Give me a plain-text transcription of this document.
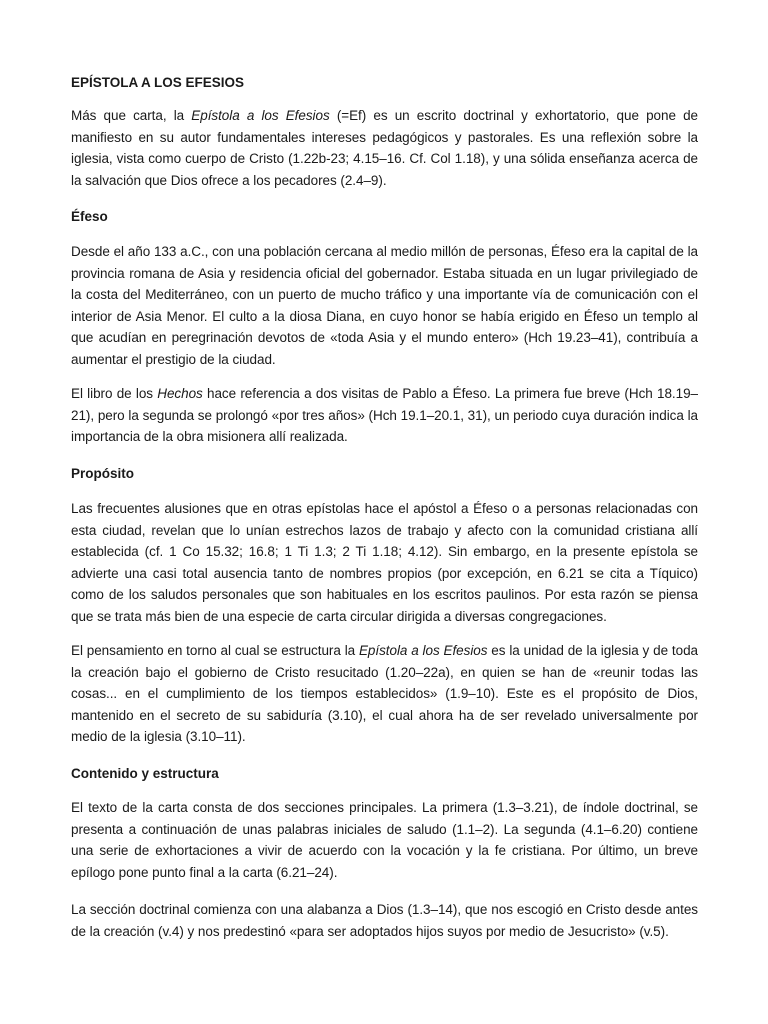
EPÍSTOLA A LOS EFESIOS

Más que carta, la Epístola a los Efesios (=Ef) es un escrito doctrinal y exhortatorio, que pone de manifiesto en su autor fundamentales intereses pedagógicos y pastorales. Es una reflexión sobre la iglesia, vista como cuerpo de Cristo (1.22b-23; 4.15–16. Cf. Col 1.18), y una sólida enseñanza acerca de la salvación que Dios ofrece a los pecadores (2.4–9).

Éfeso

Desde el año 133 a.C., con una población cercana al medio millón de personas, Éfeso era la capital de la provincia romana de Asia y residencia oficial del gobernador. Estaba situada en un lugar privilegiado de la costa del Mediterráneo, con un puerto de mucho tráfico y una importante vía de comunicación con el interior de Asia Menor. El culto a la diosa Diana, en cuyo honor se había erigido en Éfeso un templo al que acudían en peregrinación devotos de «toda Asia y el mundo entero» (Hch 19.23–41), contribuía a aumentar el prestigio de la ciudad.

El libro de los Hechos hace referencia a dos visitas de Pablo a Éfeso. La primera fue breve (Hch 18.19–21), pero la segunda se prolongó «por tres años» (Hch 19.1–20.1, 31), un periodo cuya duración indica la importancia de la obra misionera allí realizada.

Propósito

Las frecuentes alusiones que en otras epístolas hace el apóstol a Éfeso o a personas relacionadas con esta ciudad, revelan que lo unían estrechos lazos de trabajo y afecto con la comunidad cristiana allí establecida (cf. 1 Co 15.32; 16.8; 1 Ti 1.3; 2 Ti 1.18; 4.12). Sin embargo, en la presente epístola se advierte una casi total ausencia tanto de nombres propios (por excepción, en 6.21 se cita a Tíquico) como de los saludos personales que son habituales en los escritos paulinos. Por esta razón se piensa que se trata más bien de una especie de carta circular dirigida a diversas congregaciones.

El pensamiento en torno al cual se estructura la Epístola a los Efesios es la unidad de la iglesia y de toda la creación bajo el gobierno de Cristo resucitado (1.20–22a), en quien se han de «reunir todas las cosas... en el cumplimiento de los tiempos establecidos» (1.9–10). Este es el propósito de Dios, mantenido en el secreto de su sabiduría (3.10), el cual ahora ha de ser revelado universalmente por medio de la iglesia (3.10–11).

Contenido y estructura

El texto de la carta consta de dos secciones principales. La primera (1.3–3.21), de índole doctrinal, se presenta a continuación de unas palabras iniciales de saludo (1.1–2). La segunda (4.1–6.20) contiene una serie de exhortaciones a vivir de acuerdo con la vocación y la fe cristiana. Por último, un breve epílogo pone punto final a la carta (6.21–24).

La sección doctrinal comienza con una alabanza a Dios (1.3–14), que nos escogió en Cristo desde antes de la creación (v.4) y nos predestinó «para ser adoptados hijos suyos por medio de Jesucristo» (v.5).
